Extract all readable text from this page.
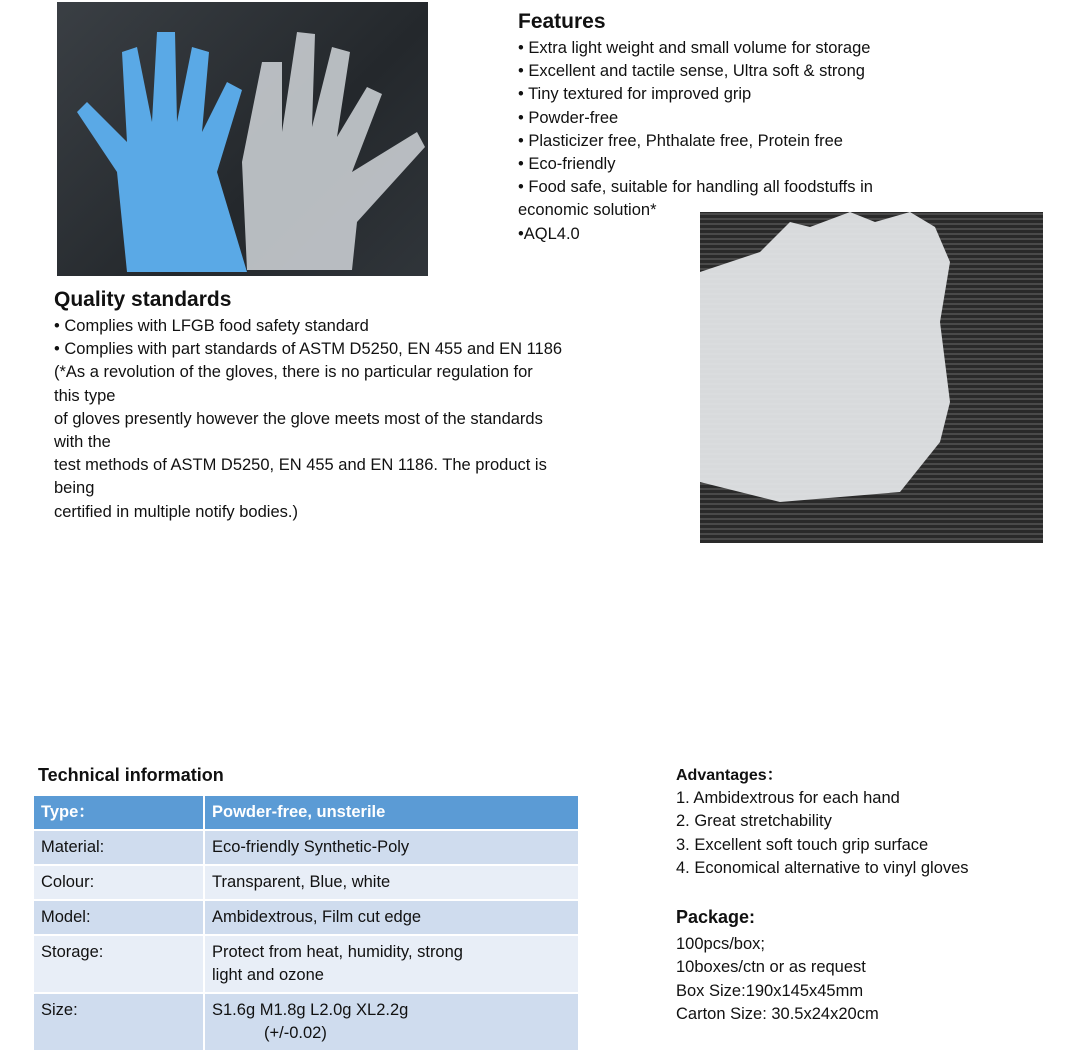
Features
• Extra light weight and small volume for storage
• Excellent and tactile sense, Ultra soft & strong
• Tiny textured for improved grip
• Powder-free
• Plasticizer free, Phthalate free, Protein free
• Eco-friendly
• Food safe, suitable for handling all foodstuffs in
economic solution*
•AQL4.0
Quality standards
• Complies with LFGB food safety standard
• Complies with part standards of ASTM D5250, EN 455 and EN 1186
(*As a revolution of the gloves, there is no particular regulation for
this type
of gloves presently however the glove meets most of the standards
with the
test methods of ASTM D5250, EN 455 and EN 1186. The product is
being
certified in multiple notify bodies.)
Technical information
Type：	Powder-free, unsterile
Material:	Eco-friendly Synthetic-Poly
Colour:	Transparent, Blue, white
Model:	Ambidextrous, Film cut edge
Storage:	Protect from heat, humidity, strong
light and ozone

Size:	S1.6g M1.8g L2.0g XL2.2g
(+/-0.02)
Advantages：
1. Ambidextrous for each hand
2. Great stretchability
3. Excellent soft touch grip surface
4. Economical alternative to vinyl gloves
Package:
100pcs/box;
10boxes/ctn or as request
Box Size:190x145x45mm
Carton Size: 30.5x24x20cm
